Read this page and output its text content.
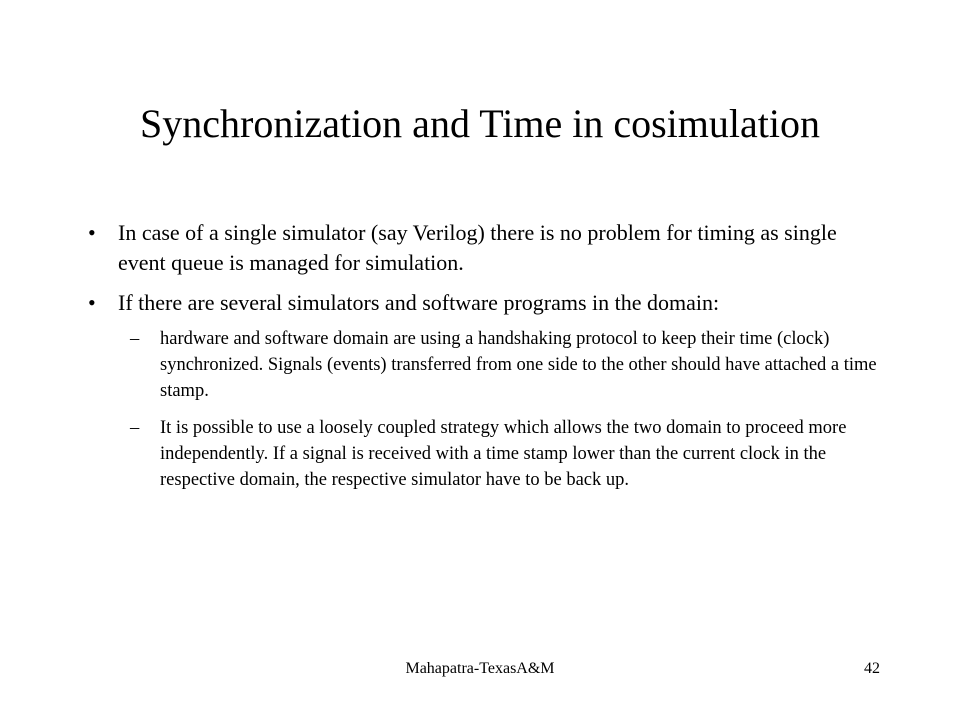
Synchronization and Time in cosimulation
• In case of a single simulator (say Verilog) there is no problem for timing as single event queue is managed for simulation.
• If there are several simulators and software programs in the domain:
– hardware and software domain are using a handshaking protocol to keep their time (clock) synchronized. Signals (events) transferred from one side to the other should have attached a time stamp.
– It is possible to use a loosely coupled strategy which allows the two domain to proceed more independently. If a signal is received with a time stamp lower than the current clock in the respective domain, the respective simulator have to be back up.
Mahapatra-TexasA&M	42
